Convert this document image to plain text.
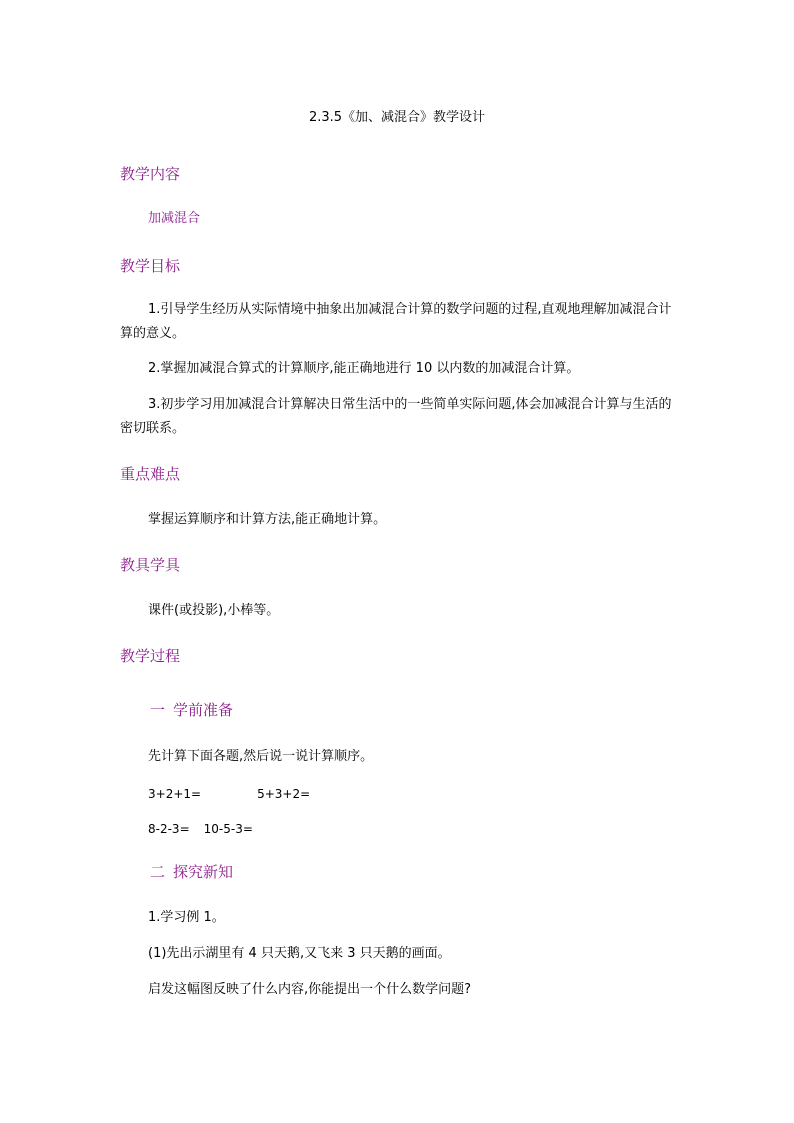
2.3.5《加、减混合》教学设计
教学内容
加减混合
教学目标
1.引导学生经历从实际情境中抽象出加减混合计算的数学问题的过程,直观地理解加减混合计算的意义。
2.掌握加减混合算式的计算顺序,能正确地进行 10 以内数的加减混合计算。
3.初步学习用加减混合计算解决日常生活中的一些简单实际问题,体会加减混合计算与生活的密切联系。
重点难点
掌握运算顺序和计算方法,能正确地计算。
教具学具
课件(或投影),小棒等。
教学过程
一 学前准备
先计算下面各题,然后说一说计算顺序。
3+2+1=	5+3+2=
8-2-3= 10-5-3=
二 探究新知
1.学习例 1。
(1)先出示湖里有 4 只天鹅,又飞来 3 只天鹅的画面。
启发这幅图反映了什么内容,你能提出一个什么数学问题?
